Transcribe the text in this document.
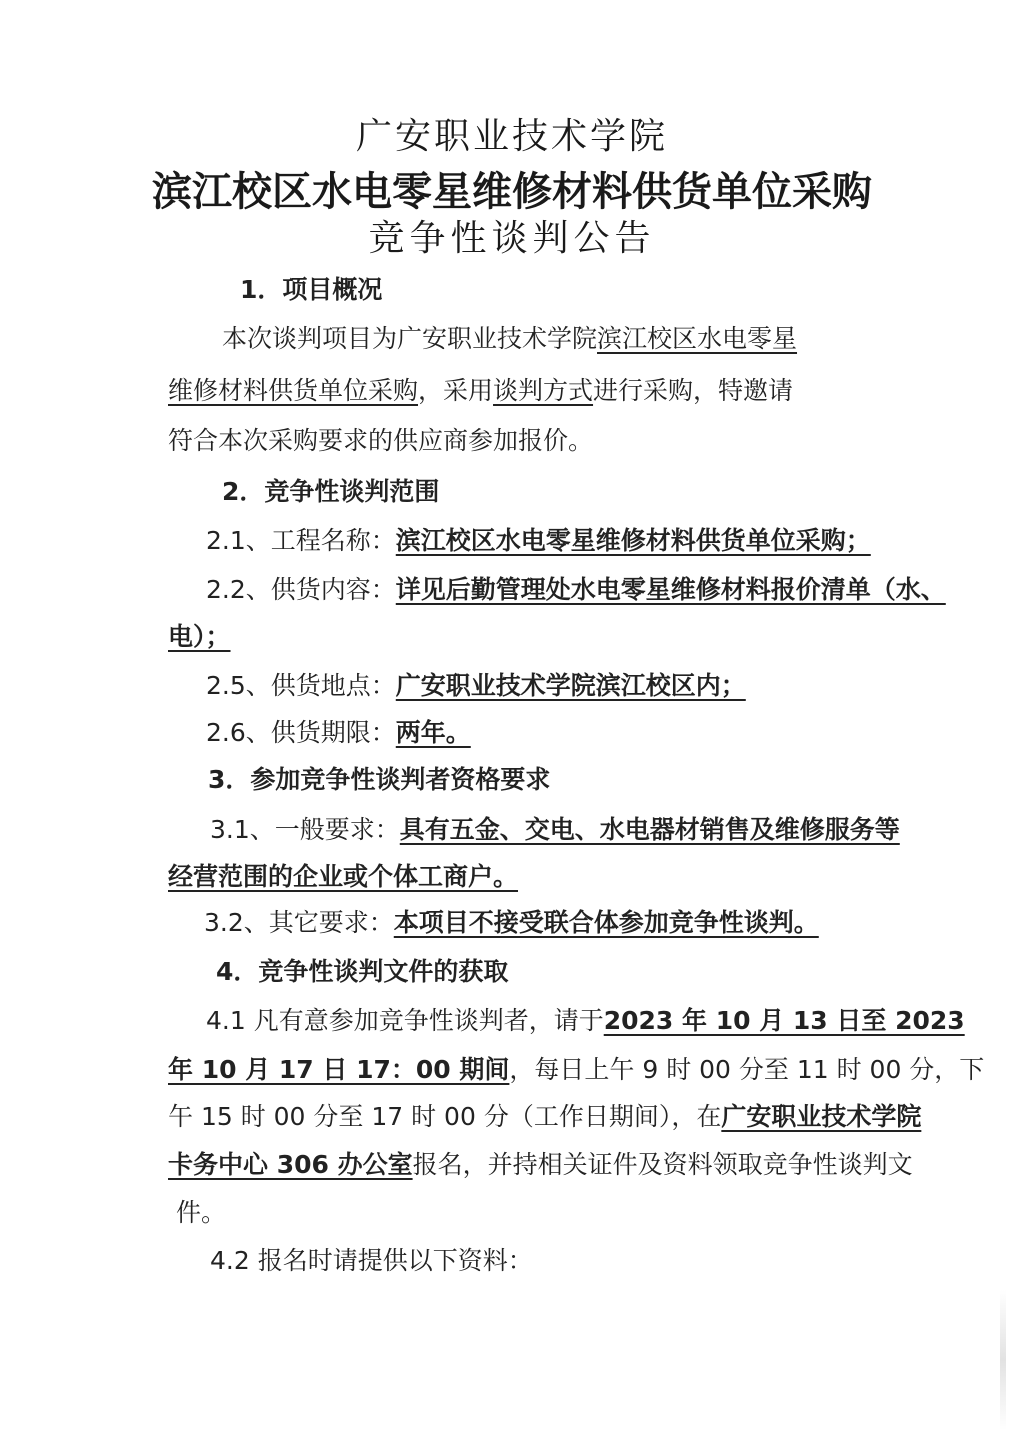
广安职业技术学院
滨江校区水电零星维修材料供货单位采购
竞争性谈判公告
1．项目概况
本次谈判项目为广安职业技术学院滨江校区水电零星
维修材料供货单位采购，采用谈判方式进行采购，特邀请
符合本次采购要求的供应商参加报价。
2．竞争性谈判范围
2.1、工程名称：滨江校区水电零星维修材料供货单位采购；
2.2、供货内容：详见后勤管理处水电零星维修材料报价清单（水、
电）；
2.5、供货地点：广安职业技术学院滨江校区内；
2.6、供货期限：两年。
3．参加竞争性谈判者资格要求
3.1、一般要求：具有五金、交电、水电器材销售及维修服务等
经营范围的企业或个体工商户。
3.2、其它要求：本项目不接受联合体参加竞争性谈判。
4．竞争性谈判文件的获取
4.1 凡有意参加竞争性谈判者，请于2023 年 10 月 13 日至 2023
年 10 月 17 日 17：00 期间，每日上午 9 时 00 分至 11 时 00 分，下
午 15 时 00 分至 17 时 00 分（工作日期间），在广安职业技术学院
卡务中心 306 办公室报名，并持相关证件及资料领取竞争性谈判文
件。
4.2 报名时请提供以下资料：
